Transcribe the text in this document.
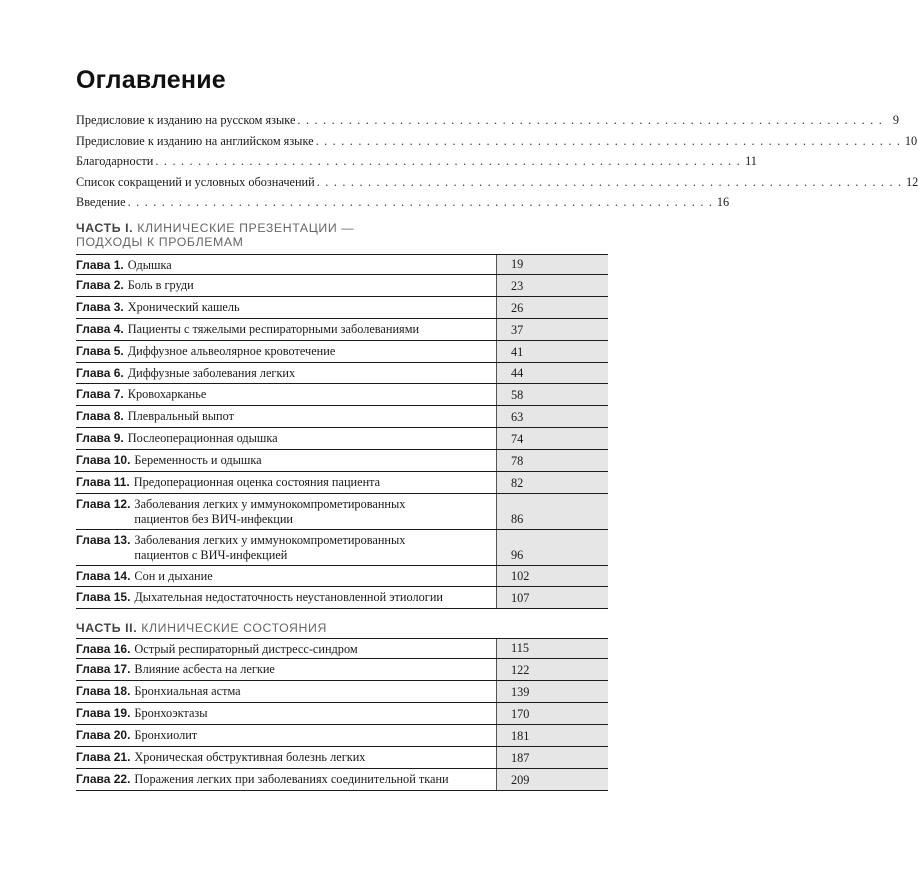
Оглавление
Предисловие к изданию на русском языке . . . . . . . . . . . . . . . . . . . . . . . . . . . . . . . . . . . . . . . . . . . . . . . . . . . . . . . . . . . . . . . . . . . . . 9
Предисловие к изданию на английском языке . . . . . . . . . . . . . . . . . . . . . . . . . . . . . . . . . . . . . . . . . . . . . . . . . . . . . . . . . . . . . . . . . . . . . 10
Благодарности . . . . . . . . . . . . . . . . . . . . . . . . . . . . . . . . . . . . . . . . . . . . . . . . . . . . . . . . . . . . . . . . . . . . . 11
Список сокращений и условных обозначений . . . . . . . . . . . . . . . . . . . . . . . . . . . . . . . . . . . . . . . . . . . . . . . . . . . . . . . . . . . . . . . . . . . . . 12
Введение . . . . . . . . . . . . . . . . . . . . . . . . . . . . . . . . . . . . . . . . . . . . . . . . . . . . . . . . . . . . . . . . . . . . . 16
ЧАСТЬ I. КЛИНИЧЕСКИЕ ПРЕЗЕНТАЦИИ —
ПОДХОДЫ К ПРОБЛЕМАМ
Глава 1. Одышка	19
Глава 2. Боль в груди	23
Глава 3. Хронический кашель	26
Глава 4. Пациенты с тяжелыми респираторными заболеваниями	37
Глава 5. Диффузное альвеолярное кровотечение	41
Глава 6. Диффузные заболевания легких	44
Глава 7. Кровохарканье	58
Глава 8. Плевральный выпот	63
Глава 9. Послеоперационная одышка	74
Глава 10. Беременность и одышка	78
Глава 11. Предоперационная оценка состояния пациента	82
Глава 12. Заболевания легких у иммунокомпрометированных пациентов без ВИЧ-инфекции	86
Глава 13. Заболевания легких у иммунокомпрометированных пациентов с ВИЧ-инфекцией	96
Глава 14. Сон и дыхание	102
Глава 15. Дыхательная недостаточность неустановленной этиологии	107
ЧАСТЬ II. КЛИНИЧЕСКИЕ СОСТОЯНИЯ
Глава 16. Острый респираторный дистресс-синдром	115
Глава 17. Влияние асбеста на легкие	122
Глава 18. Бронхиальная астма	139
Глава 19. Бронхоэктазы	170
Глава 20. Бронхиолит	181
Глава 21. Хроническая обструктивная болезнь легких	187
Глава 22. Поражения легких при заболеваниях соединительной ткани	209
